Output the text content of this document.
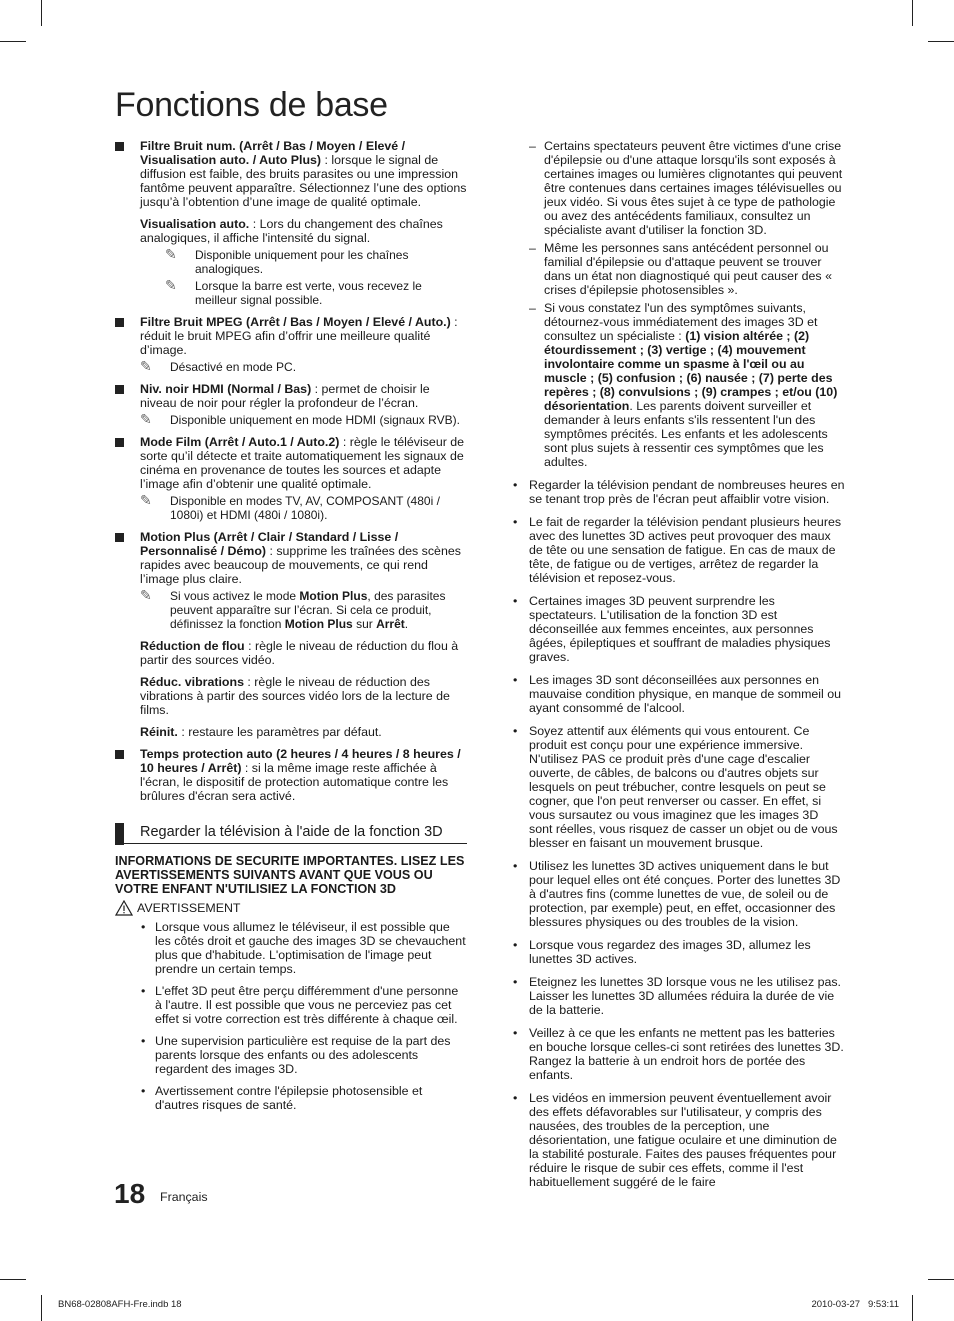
Fonctions de base

Filtre Bruit num. (Arrêt / Bas / Moyen / Elevé / Visualisation auto. / Auto Plus) : lorsque le signal de diffusion est faible, des bruits parasites ou une impression fantôme peuvent apparaître. Sélectionnez l’une des options jusqu’à l’obtention d’une image de qualité optimale.

Visualisation auto. : Lors du changement des chaînes analogiques, il affiche l'intensité du signal.

✎ Disponible uniquement pour les chaînes analogiques.
✎ Lorsque la barre est verte, vous recevez le meilleur signal possible.

Filtre Bruit MPEG (Arrêt / Bas / Moyen / Elevé / Auto.) : réduit le bruit MPEG afin d’offrir une meilleure qualité d’image.

✎ Désactivé en mode PC.

Niv. noir HDMI (Normal / Bas) : permet de choisir le niveau de noir pour régler la profondeur de l’écran.

✎ Disponible uniquement en mode HDMI (signaux RVB).

Mode Film (Arrêt / Auto.1 / Auto.2) : règle le téléviseur de sorte qu’il détecte et traite automatiquement les signaux de cinéma en provenance de toutes les sources et adapte l’image afin d’obtenir une qualité optimale.

✎ Disponible en modes TV, AV, COMPOSANT (480i / 1080i) et HDMI (480i / 1080i).

Motion Plus (Arrêt / Clair / Standard / Lisse / Personnalisé / Démo) : supprime les traînées des scènes rapides avec beaucoup de mouvements, ce qui rend l’image plus claire.

✎ Si vous activez le mode Motion Plus, des parasites peuvent apparaître sur l’écran. Si cela ce produit, définissez la fonction Motion Plus sur Arrêt.

Réduction de flou : règle le niveau de réduction du flou à partir des sources vidéo.

Réduc. vibrations : règle le niveau de réduction des vibrations à partir des sources vidéo lors de la lecture de films.

Réinit. : restaure les paramètres par défaut.

Temps protection auto (2 heures / 4 heures / 8 heures / 10 heures / Arrêt) : si la même image reste affichée à l'écran, le dispositif de protection automatique contre les brûlures d'écran sera activé.

Regarder la télévision à l'aide de la fonction 3D

INFORMATIONS DE SECURITE IMPORTANTES. LISEZ LES AVERTISSEMENTS SUIVANTS AVANT QUE VOUS OU VOTRE ENFANT N'UTILISIEZ LA FONCTION 3D

AVERTISSEMENT
• Lorsque vous allumez le téléviseur, il est possible que les côtés droit et gauche des images 3D se chevauchent plus que d'habitude. L'optimisation de l'image peut prendre un certain temps.
• L'effet 3D peut être perçu différemment d'une personne à l'autre. Il est possible que vous ne perceviez pas cet effet si votre correction est très différente à chaque œil.
• Une supervision particulière est requise de la part des parents lorsque des enfants ou des adolescents regardent des images 3D.
• Avertissement contre l'épilepsie photosensible et d'autres risques de santé.
– Certains spectateurs peuvent être victimes d'une crise d'épilepsie ou d'une attaque lorsqu'ils sont exposés à certaines images ou lumières clignotantes qui peuvent être contenues dans certaines images télévisuelles ou jeux vidéo. Si vous êtes sujet à ce type de pathologie ou avez des antécédents familiaux, consultez un spécialiste avant d'utiliser la fonction 3D.
– Même les personnes sans antécédent personnel ou familial d'épilepsie ou d'attaque peuvent se trouver dans un état non diagnostiqué qui peut causer des « crises d'épilepsie photosensibles ».
– Si vous constatez l'un des symptômes suivants, détournez-vous immédiatement des images 3D et consultez un spécialiste : (1) vision altérée ; (2) étourdissement ; (3) vertige ; (4) mouvement involontaire comme un spasme à l'œil ou au muscle ; (5) confusion ; (6) nausée ; (7) perte des repères ; (8) convulsions ; (9) crampes ; et/ou (10) désorientation. Les parents doivent surveiller et demander à leurs enfants s'ils ressentent l'un des symptômes précités. Les enfants et les adolescents sont plus sujets à ressentir ces symptômes que les adultes.
• Regarder la télévision pendant de nombreuses heures en se tenant trop près de l'écran peut affaiblir votre vision.
• Le fait de regarder la télévision pendant plusieurs heures avec des lunettes 3D actives peut provoquer des maux de tête ou une sensation de fatigue. En cas de maux de tête, de fatigue ou de vertiges, arrêtez de regarder la télévision et reposez-vous.
• Certaines images 3D peuvent surprendre les spectateurs. L'utilisation de la fonction 3D est déconseillée aux femmes enceintes, aux personnes âgées, épileptiques et souffrant de maladies physiques graves.
• Les images 3D sont déconseillées aux personnes en mauvaise condition physique, en manque de sommeil ou ayant consommé de l'alcool.
• Soyez attentif aux éléments qui vous entourent. Ce produit est conçu pour une expérience immersive. N'utilisez PAS ce produit près d'une cage d'escalier ouverte, de câbles, de balcons ou d'autres objets sur lesquels on peut trébucher, contre lesquels on peut se cogner, que l'on peut renverser ou casser. En effet, si vous sursautez ou vous imaginez que les images 3D sont réelles, vous risquez de casser un objet ou de vous blesser en faisant un mouvement brusque.
• Utilisez les lunettes 3D actives uniquement dans le but pour lequel elles ont été conçues. Porter des lunettes 3D à d'autres fins (comme lunettes de vue, de soleil ou de protection, par exemple) peut, en effet, occasionner des blessures physiques ou des troubles de la vision.
• Lorsque vous regardez des images 3D, allumez les lunettes 3D actives.
• Eteignez les lunettes 3D lorsque vous ne les utilisez pas. Laisser les lunettes 3D allumées réduira la durée de vie de la batterie.
• Veillez à ce que les enfants ne mettent pas les batteries en bouche lorsque celles-ci sont retirées des lunettes 3D. Rangez la batterie à un endroit hors de portée des enfants.
• Les vidéos en immersion peuvent éventuellement avoir des effets défavorables sur l'utilisateur, y compris des nausées, des troubles de la perception, une désorientation, une fatigue oculaire et une diminution de la stabilité posturale. Faites des pauses fréquentes pour réduire le risque de subir ces effets, comme il l'est habituellement suggéré de le faire
18 Français
BN68-02808AFH-Fre.indb 18	2010-03-27   9:53:11
